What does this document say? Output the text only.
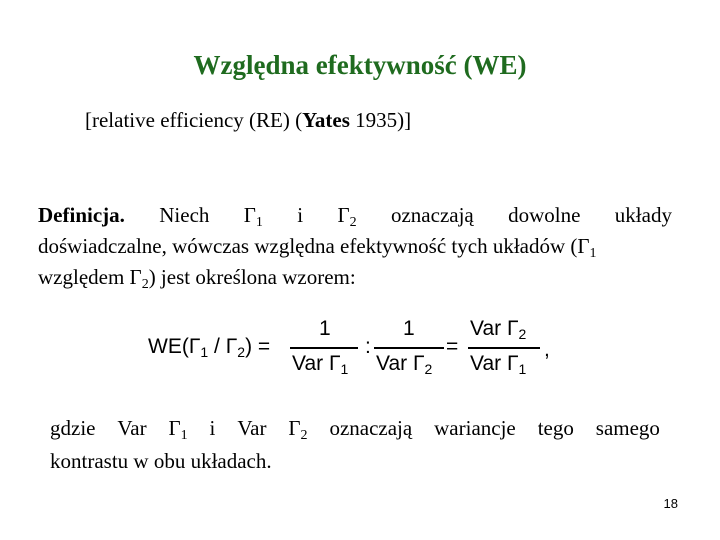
Względna efektywność (WE)
[relative efficiency (RE) (Yates 1935)]
Definicja. Niech $\Gamma_1$ i $\Gamma_2$ oznaczają dowolne układy
doświadczalne, wówczas względna efektywność tych układów ($\Gamma_1$
względem $\Gamma_2$) jest określona wzorem:
$WE(\Gamma_1 / \Gamma_2)$ =
1
Var $\Gamma_1$
:
1
Var $\Gamma_2$
=
Var $\Gamma_2$
Var $\Gamma_1$
,
gdzie Var $\Gamma_1$ i Var $\Gamma_2$ oznaczają wariancje tego samego
kontrastu w obu układach.
18
